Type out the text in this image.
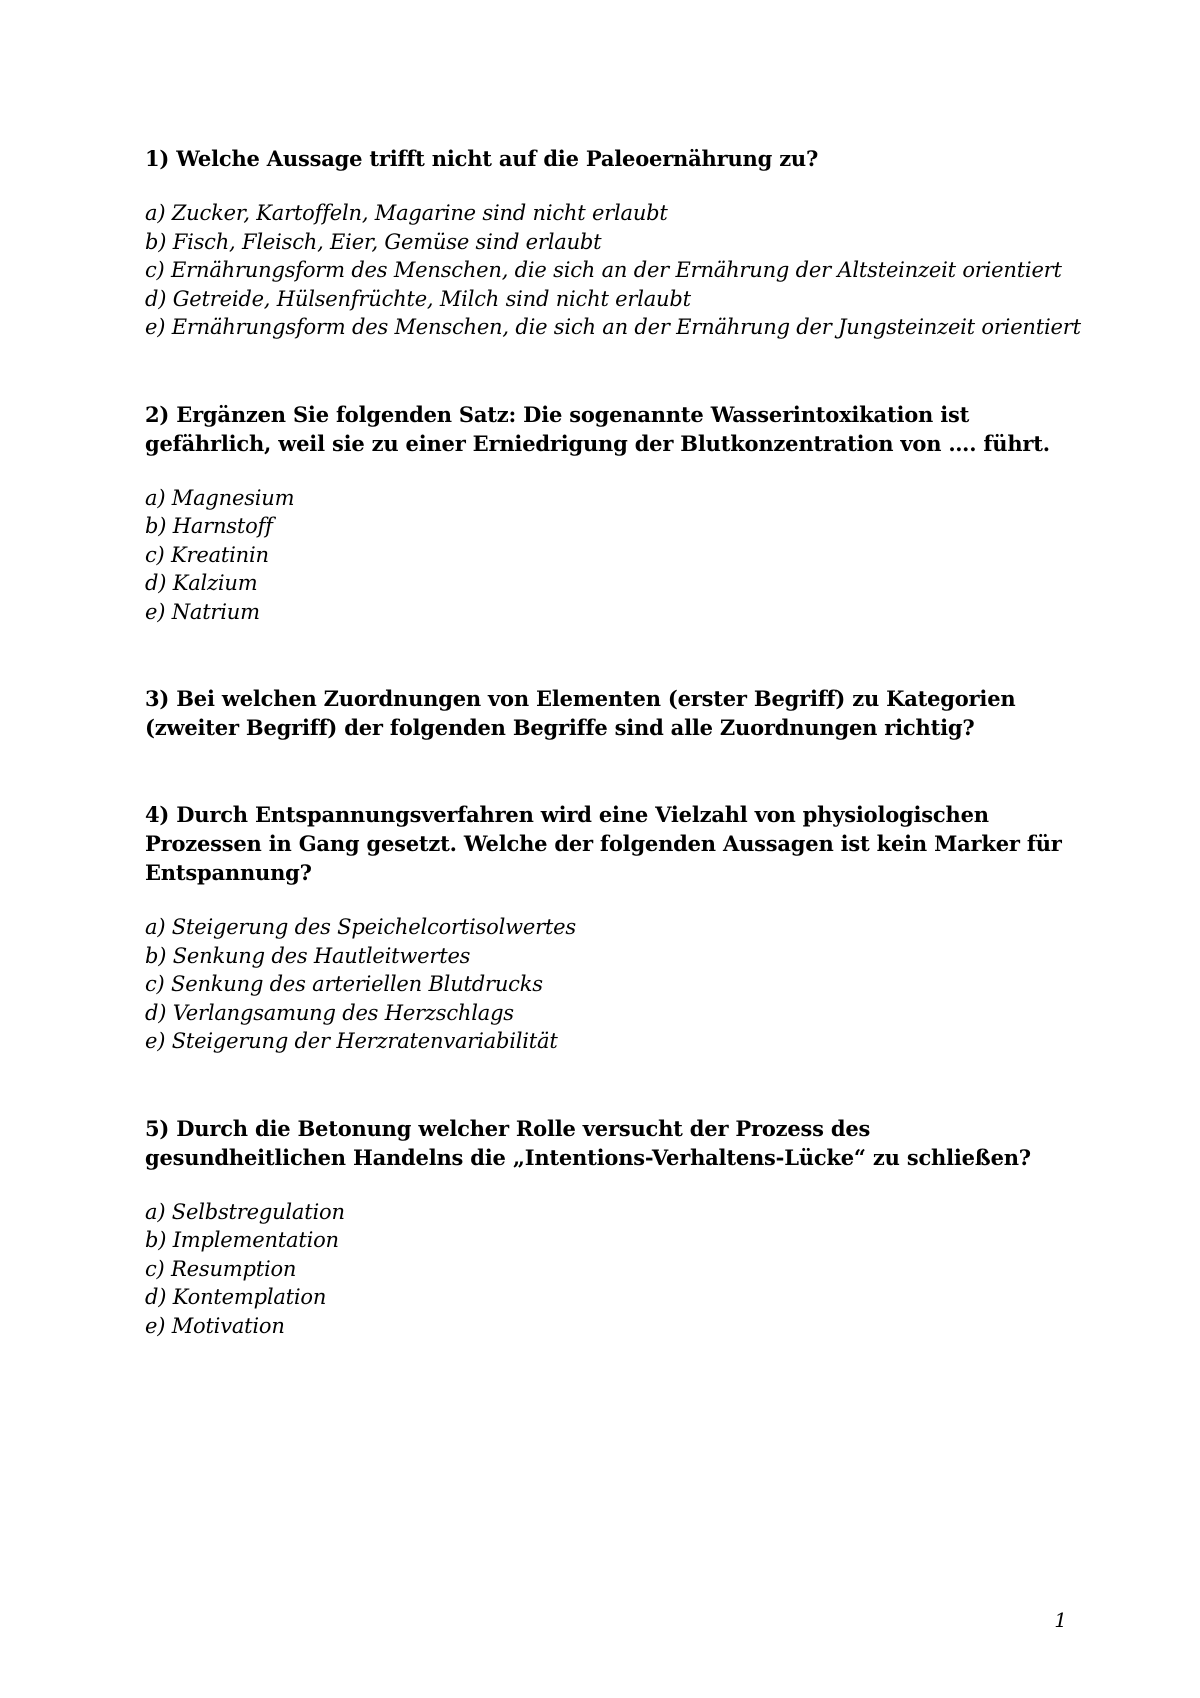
1) Welche Aussage trifft nicht auf die Paleoernährung zu?
a) Zucker, Kartoffeln, Magarine sind nicht erlaubt
b) Fisch, Fleisch, Eier, Gemüse sind erlaubt
c) Ernährungsform des Menschen, die sich an der Ernährung der Altsteinzeit orientiert
d) Getreide, Hülsenfrüchte, Milch sind nicht erlaubt
e) Ernährungsform des Menschen, die sich an der Ernährung der Jungsteinzeit orientiert
2) Ergänzen Sie folgenden Satz: Die sogenannte Wasserintoxikation ist gefährlich, weil sie zu einer Erniedrigung der Blutkonzentration von …. führt.
a) Magnesium
b) Harnstoff
c) Kreatinin
d) Kalzium
e) Natrium
3) Bei welchen Zuordnungen von Elementen (erster Begriff) zu Kategorien (zweiter Begriff) der folgenden Begriffe sind alle Zuordnungen richtig?
4) Durch Entspannungsverfahren wird eine Vielzahl von physiologischen Prozessen in Gang gesetzt. Welche der folgenden Aussagen ist kein Marker für Entspannung?
a) Steigerung des Speichelcortisolwertes
b) Senkung des Hautleitwertes
c) Senkung des arteriellen Blutdrucks
d) Verlangsamung des Herzschlags
e) Steigerung der Herzratenvariabilität
5) Durch die Betonung welcher Rolle versucht der Prozess des gesundheitlichen Handelns die „Intentions-Verhaltens-Lücke“ zu schließen?
a) Selbstregulation
b) Implementation
c) Resumption
d) Kontemplation
e) Motivation
1
